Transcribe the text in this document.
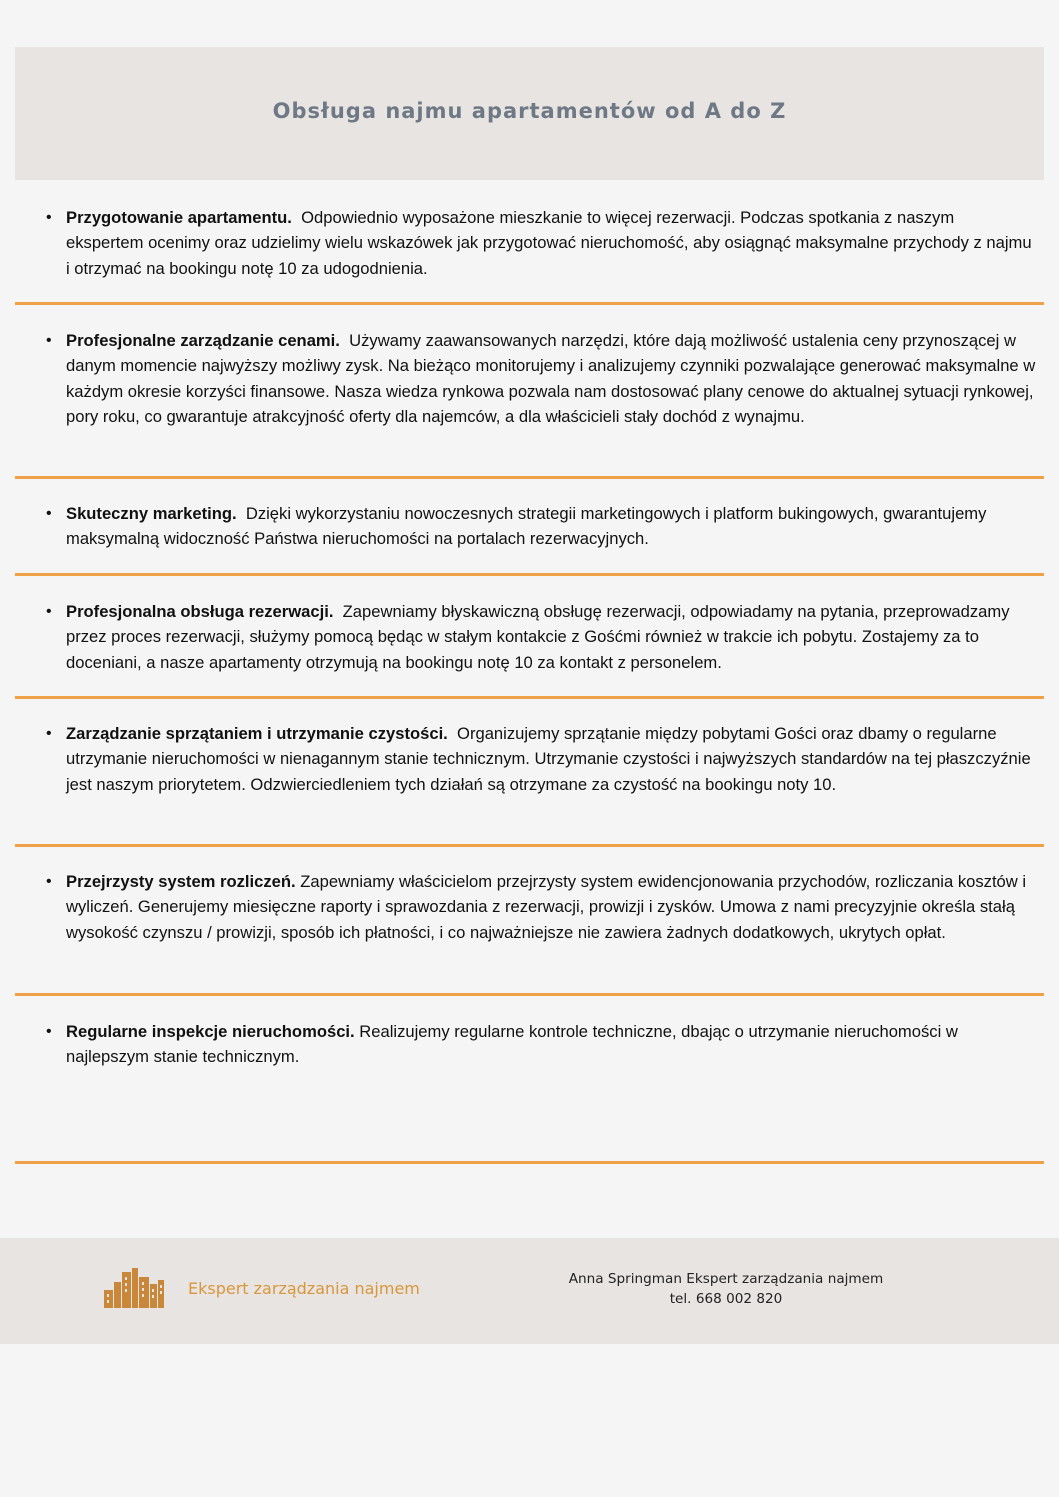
Obsługa najmu apartamentów od A do Z
• Przygotowanie apartamentu. Odpowiednio wyposażone mieszkanie to więcej rezerwacji. Podczas spotkania z naszym ekspertem ocenimy oraz udzielimy wielu wskazówek jak przygotować nieruchomość, aby osiągnąć maksymalne przychody z najmu i otrzymać na bookingu notę 10 za udogodnienia.
• Profesjonalne zarządzanie cenami. Używamy zaawansowanych narzędzi, które dają możliwość ustalenia ceny przynoszącej w danym momencie najwyższy możliwy zysk. Na bieżąco monitorujemy i analizujemy czynniki pozwalające generować maksymalne w każdym okresie korzyści finansowe. Nasza wiedza rynkowa pozwala nam dostosować plany cenowe do aktualnej sytuacji rynkowej, pory roku, co gwarantuje atrakcyjność oferty dla najemców, a dla właścicieli stały dochód z wynajmu.
• Skuteczny marketing. Dzięki wykorzystaniu nowoczesnych strategii marketingowych i platform bukingowych, gwarantujemy maksymalną widoczność Państwa nieruchomości na portalach rezerwacyjnych.
• Profesjonalna obsługa rezerwacji. Zapewniamy błyskawiczną obsługę rezerwacji, odpowiadamy na pytania, przeprowadzamy przez proces rezerwacji, służymy pomocą będąc w stałym kontakcie z Gośćmi również w trakcie ich pobytu. Zostajemy za to doceniani, a nasze apartamenty otrzymują na bookingu notę 10 za kontakt z personelem.
• Zarządzanie sprzątaniem i utrzymanie czystości. Organizujemy sprzątanie między pobytami Gości oraz dbamy o regularne utrzymanie nieruchomości w nienagannym stanie technicznym. Utrzymanie czystości i najwyższych standardów na tej płaszczyźnie jest naszym priorytetem. Odzwierciedleniem tych działań są otrzymane za czystość na bookingu noty 10.
• Przejrzysty system rozliczeń. Zapewniamy właścicielom przejrzysty system ewidencjonowania przychodów, rozliczania kosztów i wyliczeń. Generujemy miesięczne raporty i sprawozdania z rezerwacji, prowizji i zysków. Umowa z nami precyzyjnie określa stałą wysokość czynszu / prowizji, sposób ich płatności, i co najważniejsze nie zawiera żadnych dodatkowych, ukrytych opłat.
• Regularne inspekcje nieruchomości. Realizujemy regularne kontrole techniczne, dbając o utrzymanie nieruchomości w najlepszym stanie technicznym.
Ekspert zarządzania najmem	Anna Springman Ekspert zarządzania najmem
tel. 668 002 820
